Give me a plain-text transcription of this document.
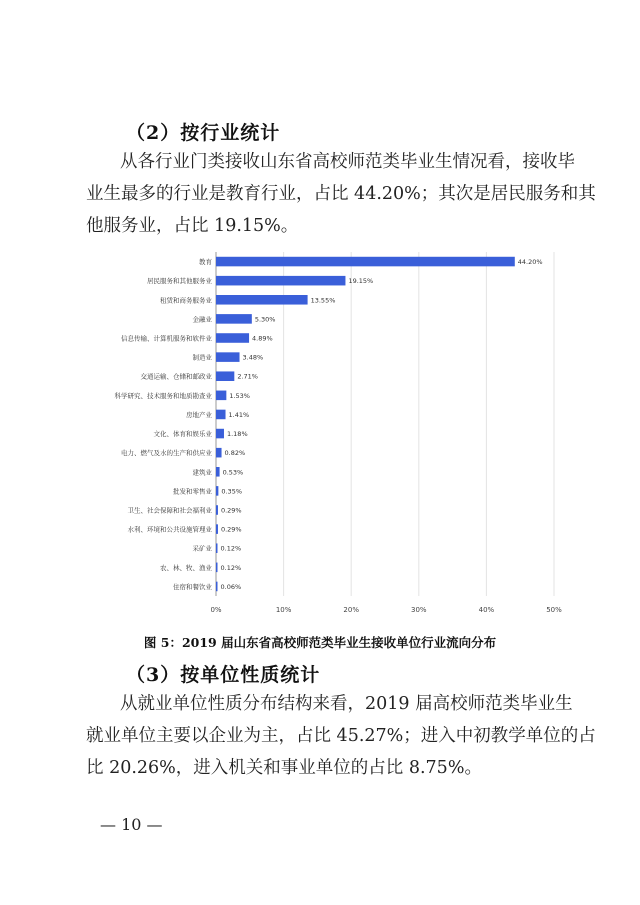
（2）按行业统计
从各行业门类接收山东省高校师范类毕业生情况看，接收毕
业生最多的行业是教育行业，占比 44.20%；其次是居民服务和其
他服务业，占比 19.15%。
0%	10%	20%	30%	40%	50%
教育	44.20%
居民服务和其他服务业	19.15%
租赁和商务服务业	13.55%
金融业	5.30%
信息传输、计算机服务和软件业	4.89%
制造业	3.48%
交通运输、仓储和邮政业	2.71%
科学研究、技术服务和地质勘查业	1.53%
房地产业	1.41%
文化、体育和娱乐业 1.18%
电力、燃气及水的生产和供应业 0.82%
建筑业 0.53%
批发和零售业 0.35%
卫生、社会保障和社会福利业 0.29%
水利、环境和公共设施管理业 0.29%
采矿业 0.12%
农、林、牧、渔业 0.12%
住宿和餐饮业 0.06%
图 5：2019 届山东省高校师范类毕业生接收单位行业流向分布
（3）按单位性质统计
从就业单位性质分布结构来看，2019 届高校师范类毕业生
就业单位主要以企业为主，占比 45.27%；进入中初教学单位的占
比 20.26%，进入机关和事业单位的占比 8.75%。
— 10 —
